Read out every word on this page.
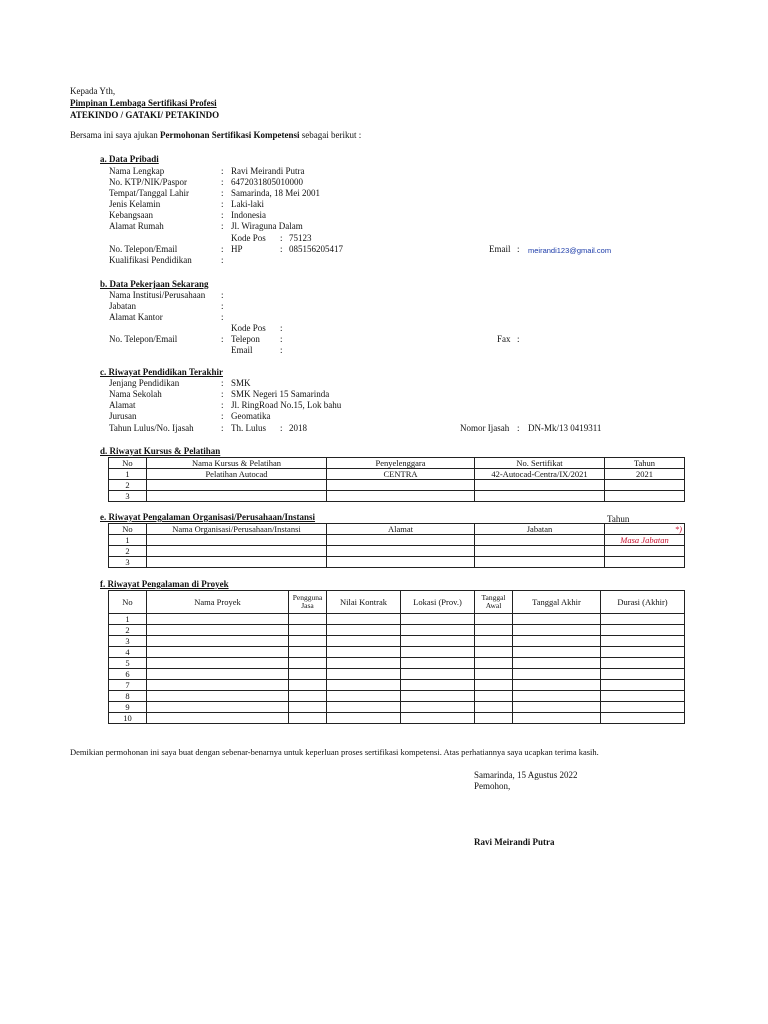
Kepada Yth,
Pimpinan Lembaga Sertifikasi Profesi
ATEKINDO / GATAKI/ PETAKINDO
Bersama ini saya ajukan Permohonan Sertifikasi Kompetensi sebagai berikut :
a. Data Pribadi
Nama Lengkap	: Ravi Meirandi Putra
No. KTP/NIK/Paspor	: 6472031805010000
Tempat/Tanggal Lahir	: Samarinda, 18 Mei 2001
Jenis Kelamin	: Laki-laki
Kebangsaan	: Indonesia
Alamat Rumah	: Jl. Wiraguna Dalam
Kode Pos : 75123
No. Telepon/Email	: HP	: 085156205417	Email : meirandi123@gmail.com
Kualifikasi Pendidikan	:
b. Data Pekerjaan Sekarang
Nama Institusi/Perusahaan :
Jabatan	:
Alamat Kantor	:
Kode Pos :
No. Telepon/Email	: Telepon :	Fax :
Email	:
c. Riwayat Pendidikan Terakhir
Jenjang Pendidikan	: SMK
Nama Sekolah	: SMK Negeri 15 Samarinda
Alamat	: Jl. RingRoad No.15, Lok bahu
Jurusan	: Geomatika
Tahun Lulus/No. Ijasah	: Th. Lulus : 2018	Nomor Ijasah : DN-Mk/13 0419311
d. Riwayat Kursus & Pelatihan
No	Nama Kursus & Pelatihan	Penyelenggara	No. Sertifikat	Tahun
1	Pelatihan Autocad	CENTRA	42-Autocad-Centra/IX/2021	2021
2				
3				
e. Riwayat Pengalaman Organisasi/Perusahaan/Instansi	Tahun
No	Nama Organisasi/Perusahaan/Instansi	Alamat	Jabatan	*)
1				Masa Jabatan
2				
3				
f. Riwayat Pengalaman di Proyek
No	Nama Proyek	Pengguna Jasa	Nilai Kontrak	Lokasi (Prov.)	Tanggal Awal	Tanggal Akhir	Durasi (Akhir)
1							
2							
3							
4							
5							
6							
7							
8							
9							
10							
Demikian permohonan ini saya buat dengan sebenar-benarnya untuk keperluan proses sertifikasi kompetensi. Atas perhatiannya saya ucapkan terima kasih.
Samarinda, 15 Agustus 2022
Pemohon,
Ravi Meirandi Putra
